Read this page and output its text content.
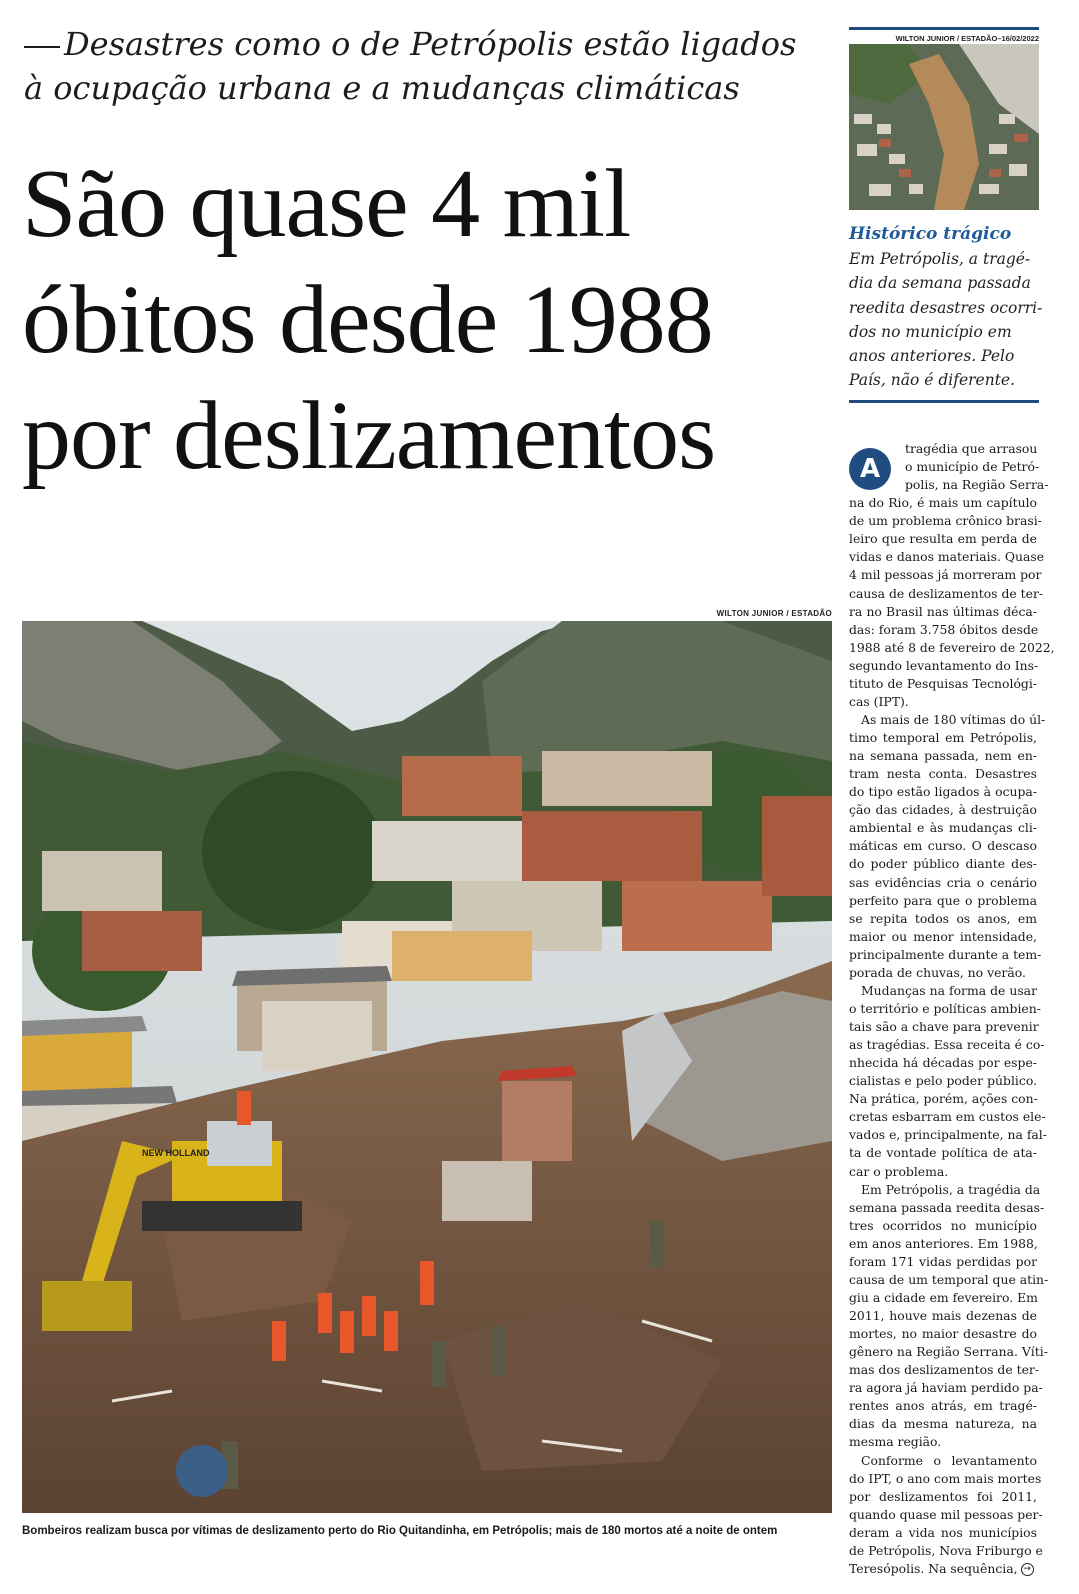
Desastres como o de Petrópolis estão ligados à ocupação urbana e a mudanças climáticas
São quase 4 mil
óbitos desde 1988
por deslizamentos
WILTON JUNIOR / ESTADÃO
NEW HOLLAND
Bombeiros realizam busca por vítimas de deslizamento perto do Rio Quitandinha, em Petrópolis; mais de 180 mortos até a noite de ontem
WILTON JUNIOR / ESTADÃO–16/02/2022
Histórico trágico
Em Petrópolis, a tragé-
dia da semana passada
reedita desastres ocorri-
dos no município em
anos anteriores. Pelo
País, não é diferente.
A
tragédia que arrasou
o município de Petró-
polis, na Região Serra-
na do Rio, é mais um capítulo
de um problema crônico brasi-
leiro que resulta em perda de
vidas e danos materiais. Quase
4 mil pessoas já morreram por
causa de deslizamentos de ter-
ra no Brasil nas últimas déca-
das: foram 3.758 óbitos desde
1988 até 8 de fevereiro de 2022,
segundo levantamento do Ins-
tituto de Pesquisas Tecnológi-
cas (IPT).
As mais de 180 vítimas do úl-
timo temporal em Petrópolis,
na semana passada, nem en-
tram nesta conta. Desastres
do tipo estão ligados à ocupa-
ção das cidades, à destruição
ambiental e às mudanças cli-
máticas em curso. O descaso
do poder público diante des-
sas evidências cria o cenário
perfeito para que o problema
se repita todos os anos, em
maior ou menor intensidade,
principalmente durante a tem-
porada de chuvas, no verão.
Mudanças na forma de usar
o território e políticas ambien-
tais são a chave para prevenir
as tragédias. Essa receita é co-
nhecida há décadas por espe-
cialistas e pelo poder público.
Na prática, porém, ações con-
cretas esbarram em custos ele-
vados e, principalmente, na fal-
ta de vontade política de ata-
car o problema.
Em Petrópolis, a tragédia da
semana passada reedita desas-
tres ocorridos no município
em anos anteriores. Em 1988,
foram 171 vidas perdidas por
causa de um temporal que atin-
giu a cidade em fevereiro. Em
2011, houve mais dezenas de
mortes, no maior desastre do
gênero na Região Serrana. Víti-
mas dos deslizamentos de ter-
ra agora já haviam perdido pa-
rentes anos atrás, em tragé-
dias da mesma natureza, na
mesma região.
Conforme o levantamento
do IPT, o ano com mais mortes
por deslizamentos foi 2011,
quando quase mil pessoas per-
deram a vida nos municípios
de Petrópolis, Nova Friburgo e
Teresópolis. Na sequência, →
